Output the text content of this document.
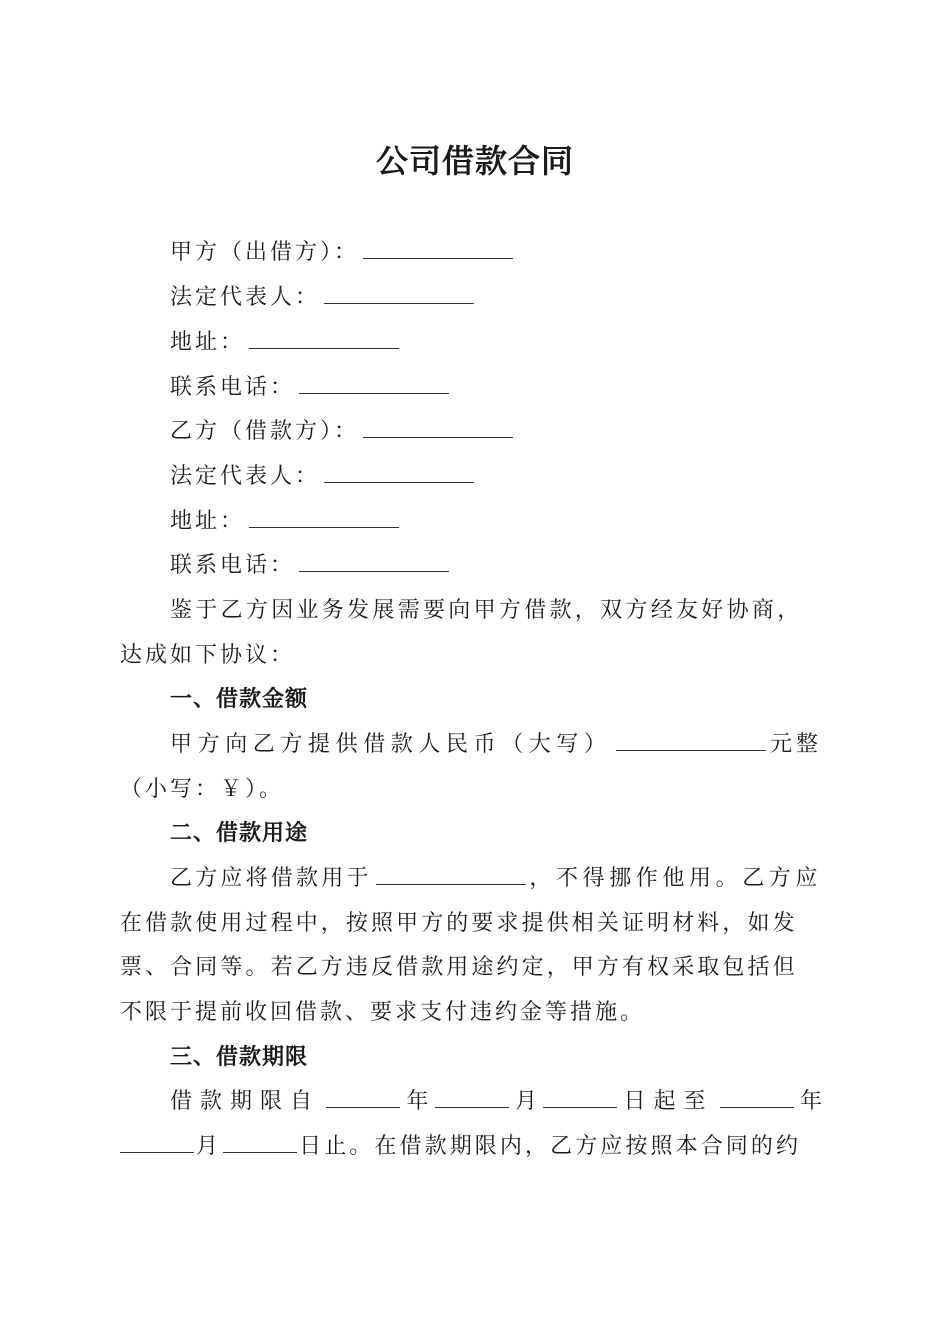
公司借款合同
甲方（出借方）：
法定代表人：
地址：
联系电话：
乙方（借款方）：
法定代表人：
地址：
联系电话：
鉴于乙方因业务发展需要向甲方借款，双方经友好协商，
达成如下协议：
一、借款金额
甲方向乙方提供借款人民币（大写）	元整
（小写：￥）。
二、借款用途
乙方应将借款用于	，不得挪作他用。乙方应
在借款使用过程中，按照甲方的要求提供相关证明材料，如发
票、合同等。若乙方违反借款用途约定，甲方有权采取包括但
不限于提前收回借款、要求支付违约金等措施。
三、借款期限
借款期限自	年	月	日起至	年
月	日止。在借款期限内，乙方应按照本合同的约
